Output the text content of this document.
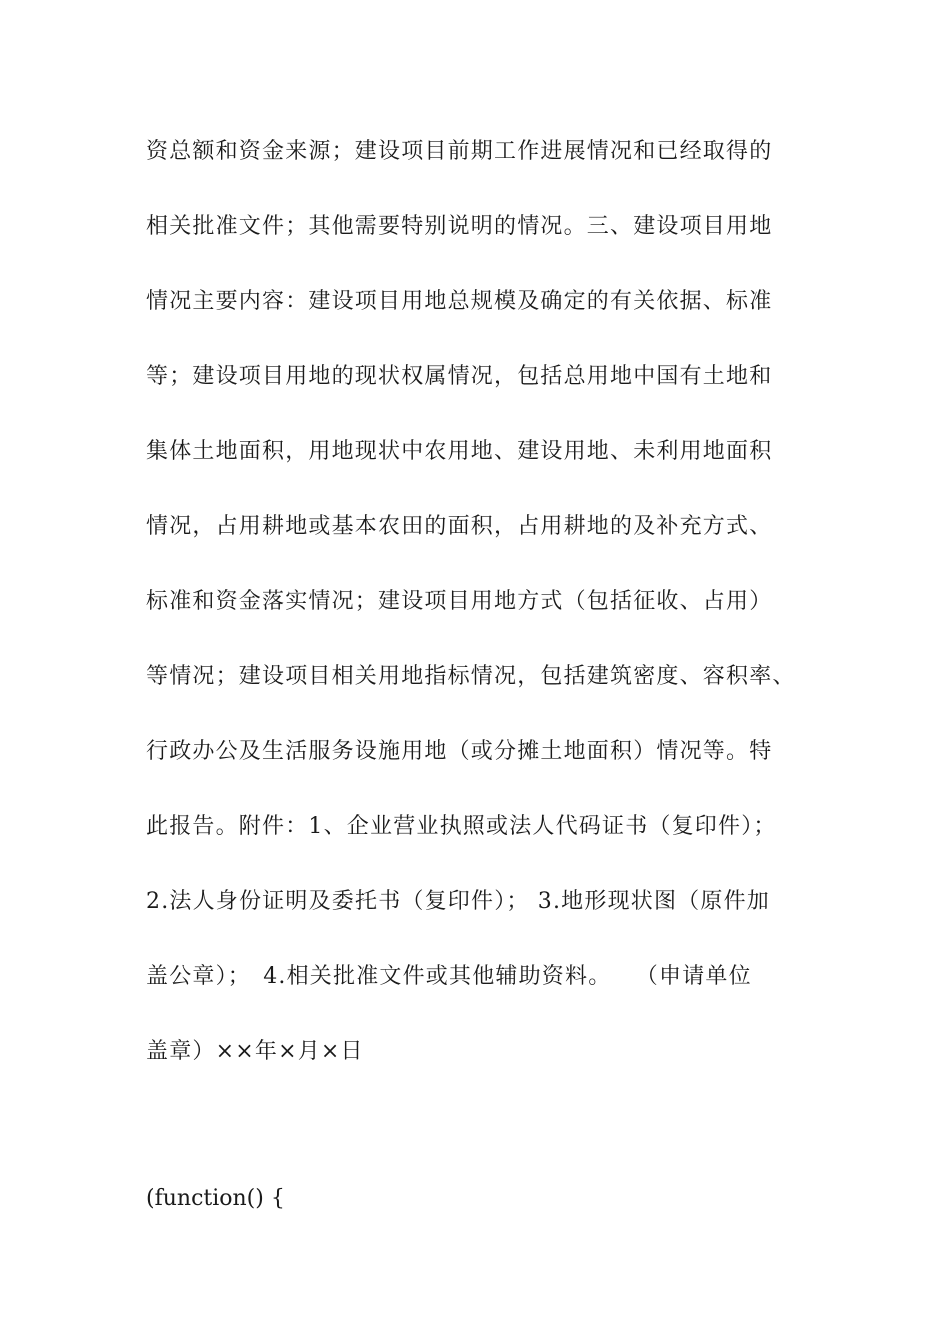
资总额和资金来源；建设项目前期工作进展情况和已经取得的
相关批准文件；其他需要特别说明的情况。三、建设项目用地
情况主要内容：建设项目用地总规模及确定的有关依据、标准
等；建设项目用地的现状权属情况，包括总用地中国有土地和
集体土地面积，用地现状中农用地、建设用地、未利用地面积
情况，占用耕地或基本农田的面积，占用耕地的及补充方式、
标准和资金落实情况；建设项目用地方式（包括征收、占用）
等情况；建设项目相关用地指标情况，包括建筑密度、容积率、
行政办公及生活服务设施用地（或分摊土地面积）情况等。特
此报告。附件：1、企业营业执照或法人代码证书（复印件）；
2.法人身份证明及委托书（复印件）； 3.地形现状图（原件加
盖公章）；　4.相关批准文件或其他辅助资料。　　（申请单位
盖章）××年×月×日
(function() {
